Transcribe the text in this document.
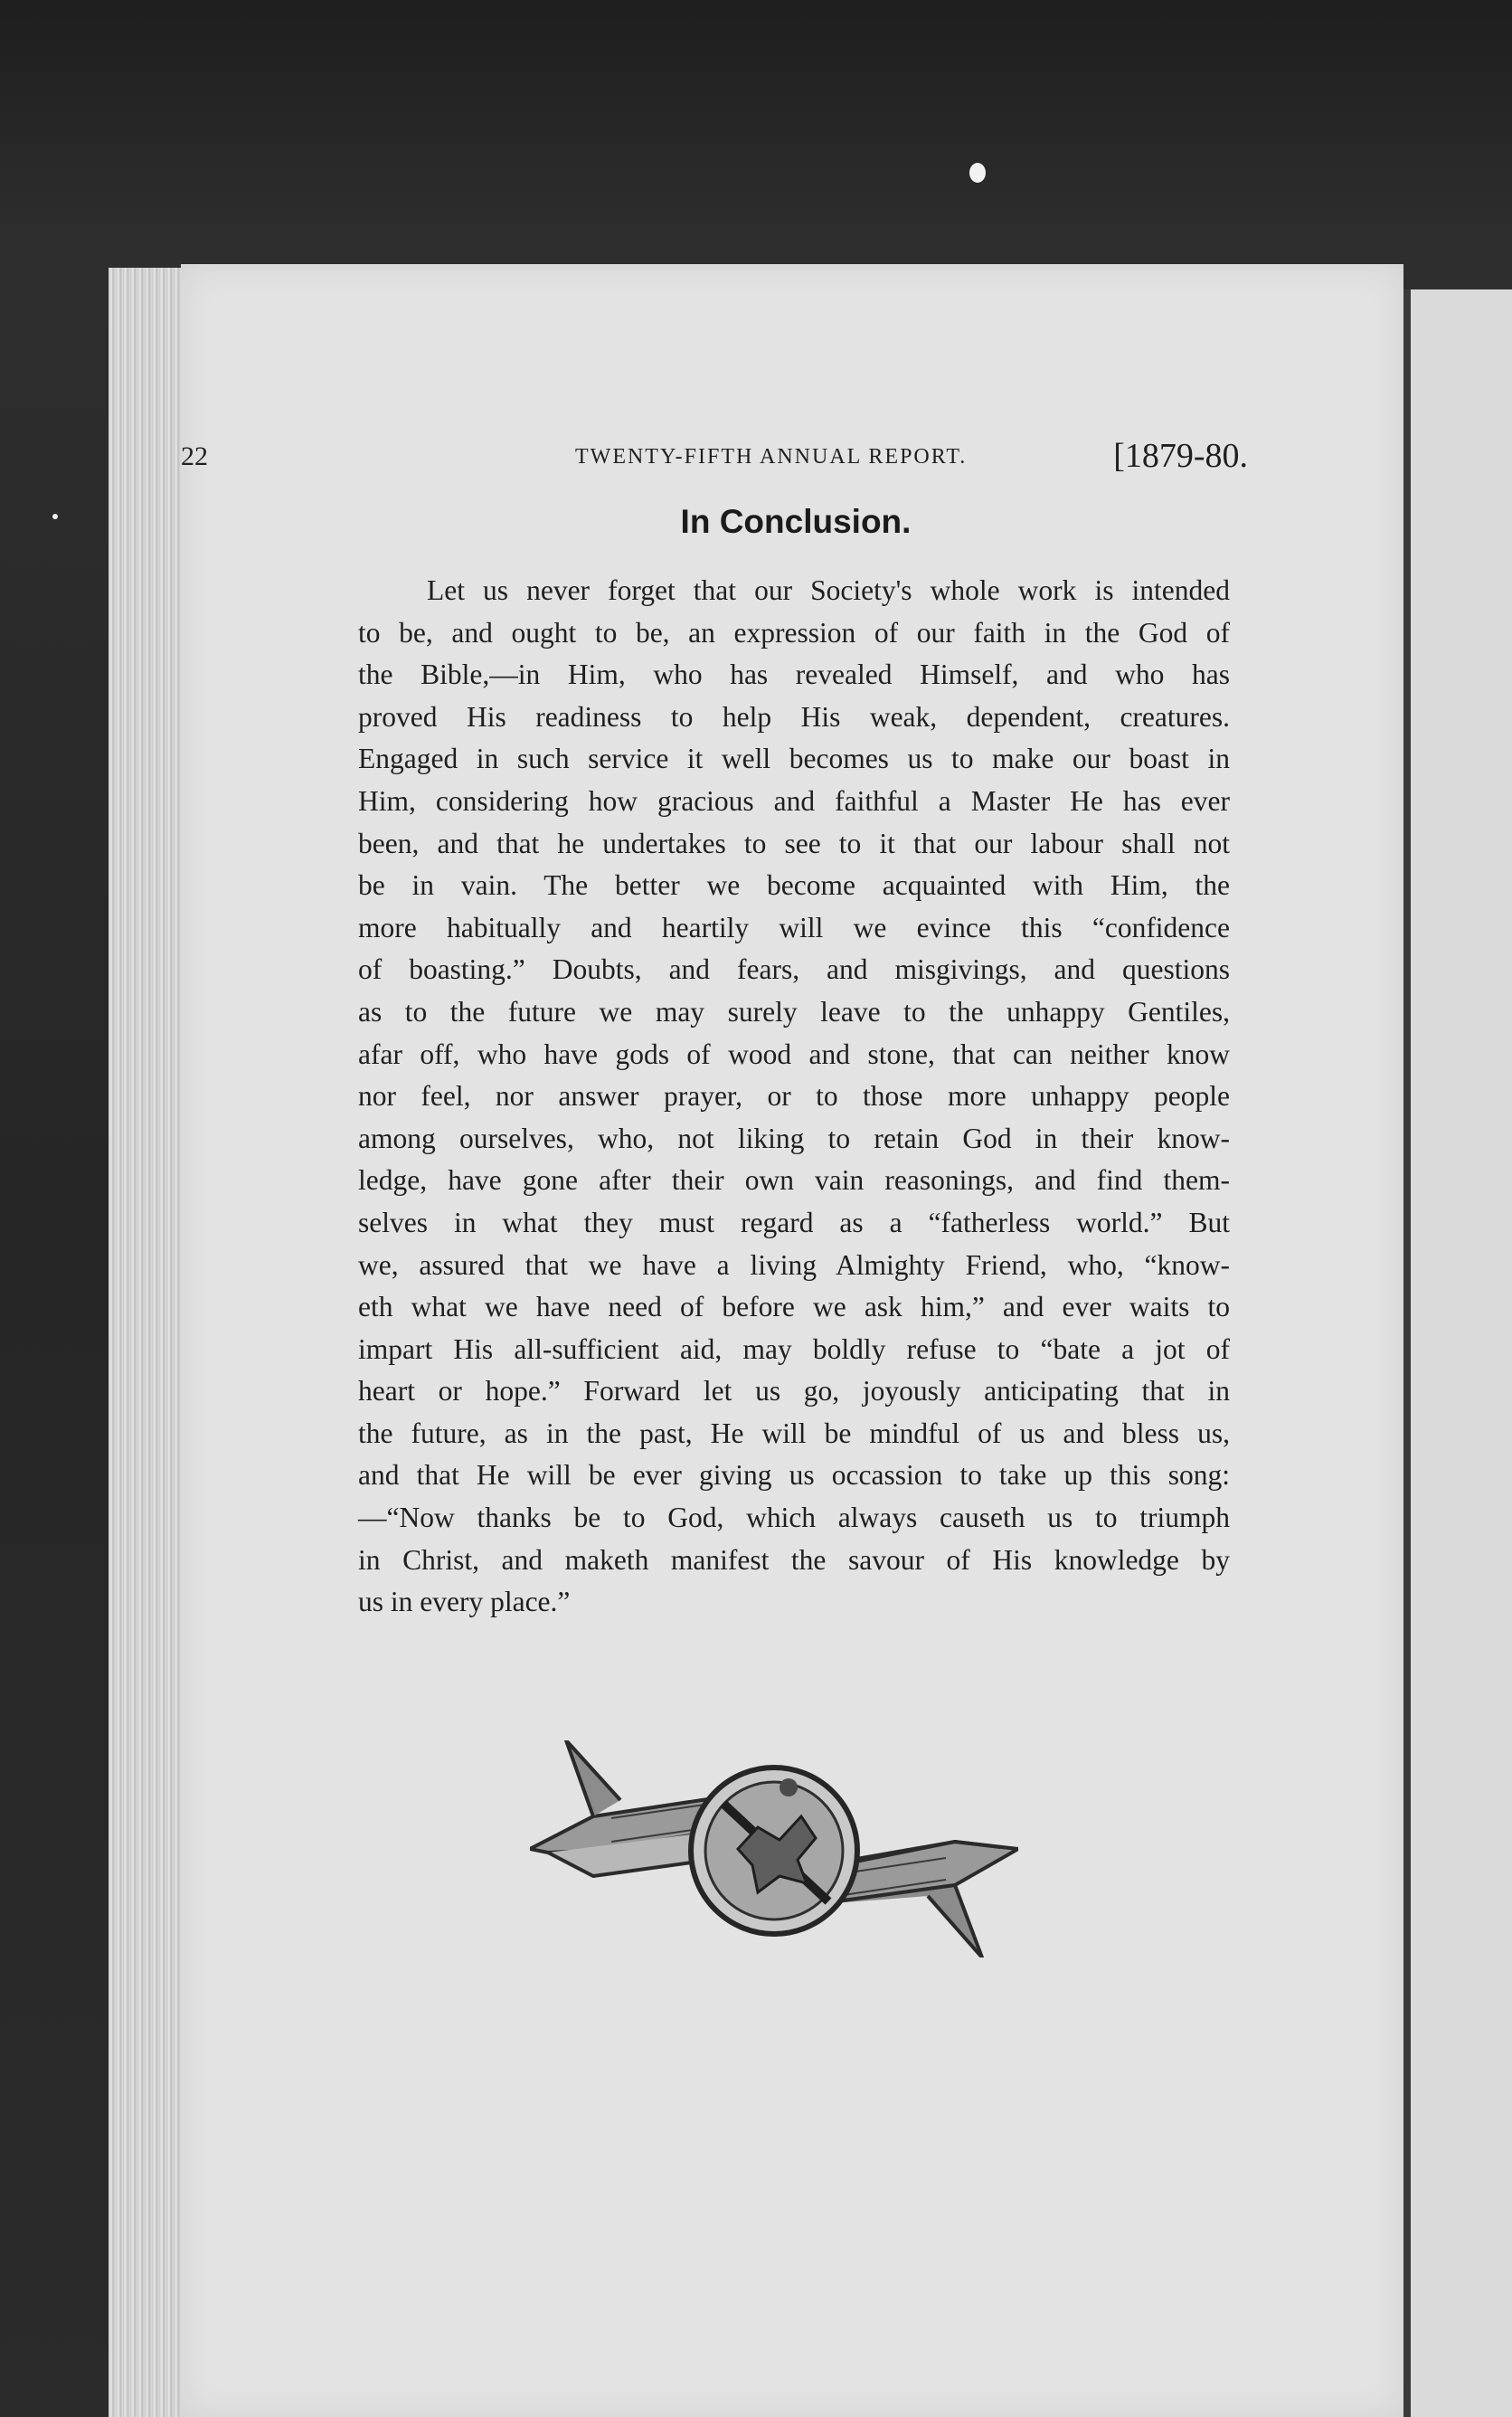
22	TWENTY-FIFTH ANNUAL REPORT.	[1879-80.
In Conclusion.
Let us never forget that our Society's whole work is intended
to be, and ought to be, an expression of our faith in the God of
the Bible,—in Him, who has revealed Himself, and who has
proved His readiness to help His weak, dependent, creatures.
Engaged in such service it well becomes us to make our boast in
Him, considering how gracious and faithful a Master He has ever
been, and that he undertakes to see to it that our labour shall not
be in vain. The better we become acquainted with Him, the
more habitually and heartily will we evince this “confidence
of boasting.” Doubts, and fears, and misgivings, and questions
as to the future we may surely leave to the unhappy Gentiles,
afar off, who have gods of wood and stone, that can neither know
nor feel, nor answer prayer, or to those more unhappy people
among ourselves, who, not liking to retain God in their know-
ledge, have gone after their own vain reasonings, and find them-
selves in what they must regard as a “fatherless world.” But
we, assured that we have a living Almighty Friend, who, “know-
eth what we have need of before we ask him,” and ever waits to
impart His all-sufficient aid, may boldly refuse to “bate a jot of
heart or hope.” Forward let us go, joyously anticipating that in
the future, as in the past, He will be mindful of us and bless us,
and that He will be ever giving us occassion to take up this song:
—“Now thanks be to God, which always causeth us to triumph
in Christ, and maketh manifest the savour of His knowledge by
us in every place.”
